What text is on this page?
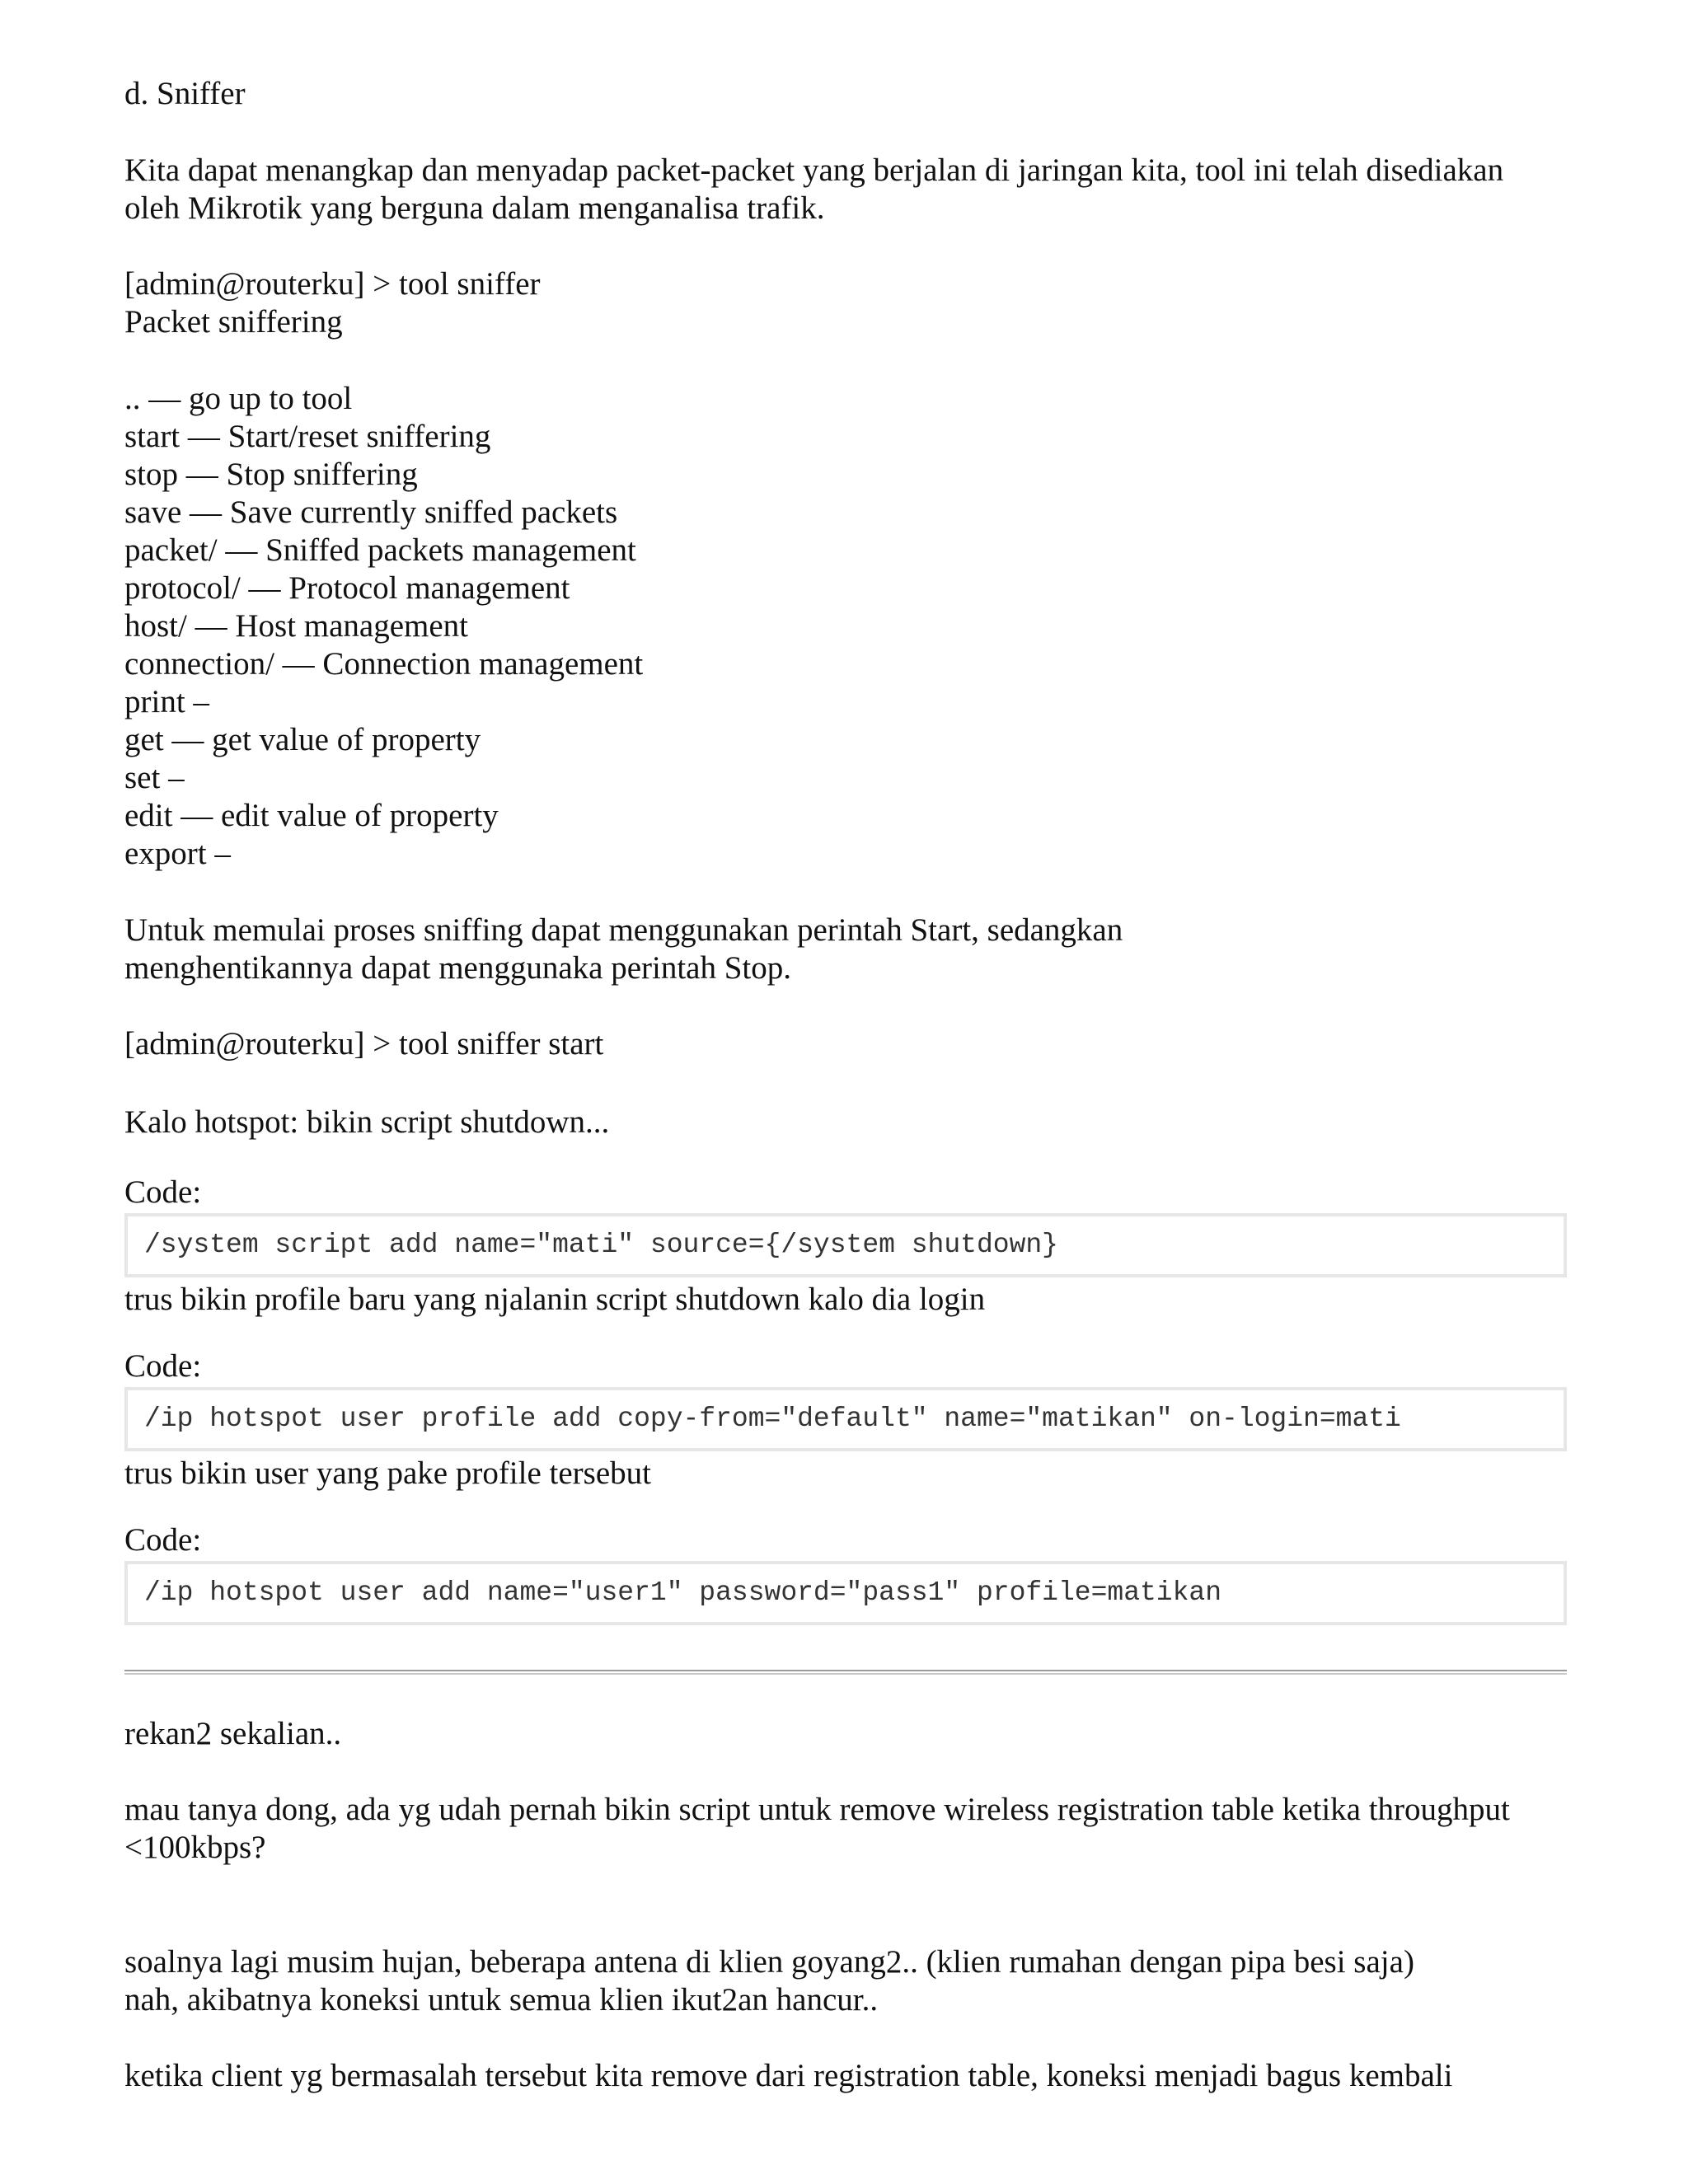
d. Sniffer

Kita dapat menangkap dan menyadap packet-packet yang berjalan di jaringan kita, tool ini telah disediakan

oleh Mikrotik yang berguna dalam menganalisa trafik.

[admin@routerku] > tool sniffer

Packet sniffering

.. — go up to tool

start — Start/reset sniffering

stop — Stop sniffering

save — Save currently sniffed packets

packet/ — Sniffed packets management

protocol/ — Protocol management

host/ — Host management

connection/ — Connection management

print –

get — get value of property

set –

edit — edit value of property

export –

Untuk memulai proses sniffing dapat menggunakan perintah Start, sedangkan

menghentikannya dapat menggunaka perintah Stop.

[admin@routerku] > tool sniffer start

Kalo hotspot: bikin script shutdown...

Code:

/system script add name="mati" source={/system shutdown}

trus bikin profile baru yang njalanin script shutdown kalo dia login

Code:

/ip hotspot user profile add copy-from="default" name="matikan" on-login=mati

trus bikin user yang pake profile tersebut

Code:

/ip hotspot user add name="user1" password="pass1" profile=matikan

rekan2 sekalian..

mau tanya dong, ada yg udah pernah bikin script untuk remove wireless registration table ketika throughput

<100kbps?

soalnya lagi musim hujan, beberapa antena di klien goyang2.. (klien rumahan dengan pipa besi saja)

nah, akibatnya koneksi untuk semua klien ikut2an hancur..

ketika client yg bermasalah tersebut kita remove dari registration table, koneksi menjadi bagus kembali
